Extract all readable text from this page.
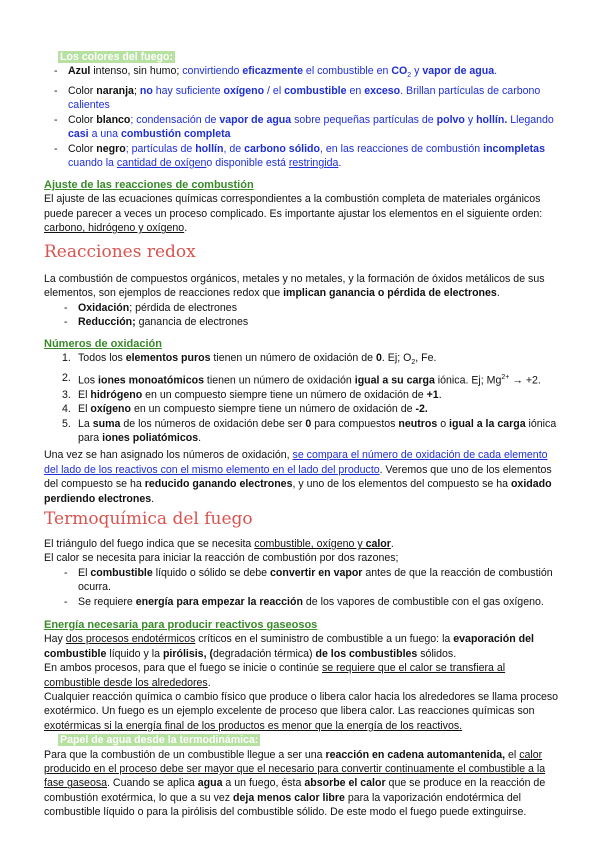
Los colores del fuego:

- Azul intenso, sin humo; convirtiendo eficazmente el combustible en $CO_2$ y vapor de agua.
- Color naranja; no hay suficiente oxígeno / el combustible en exceso. Brillan partículas de carbono calientes
- Color blanco; condensación de vapor de agua sobre pequeñas partículas de polvo y hollín. Llegando casi a una combustión completa
- Color negro; partículas de hollín, de carbono sólido, en las reacciones de combustión incompletas cuando la cantidad de oxígeno disponible está restringida.

Ajuste de las reacciones de combustión

El ajuste de las ecuaciones químicas correspondientes a la combustión completa de materiales orgánicos puede parecer a veces un proceso complicado. Es importante ajustar los elementos en el siguiente orden: carbono, hidrógeno y oxígeno.

Reacciones redox

La combustión de compuestos orgánicos, metales y no metales, y la formación de óxidos metálicos de sus elementos, son ejemplos de reacciones redox que implican ganancia o pérdida de electrones.

- Oxidación; pérdida de electrones
- Reducción; ganancia de electrones

Números de oxidación

1. Todos los elementos puros tienen un número de oxidación de 0. Ej; $O_2$, Fe.
2. Los iones monoatómicos tienen un número de oxidación igual a su carga iónica. Ej; $Mg^{2+} \to +2$.
3. El hidrógeno en un compuesto siempre tiene un número de oxidación de +1.
4. El oxígeno en un compuesto siempre tiene un número de oxidación de -2.
5. La suma de los números de oxidación debe ser 0 para compuestos neutros o igual a la carga iónica para iones poliatómicos.

Una vez se han asignado los números de oxidación, se compara el número de oxidación de cada elemento del lado de los reactivos con el mismo elemento en el lado del producto. Veremos que uno de los elementos del compuesto se ha reducido ganando electrones, y uno de los elementos del compuesto se ha oxidado perdiendo electrones.

Termoquímica del fuego

El triángulo del fuego indica que se necesita combustible, oxígeno y calor.

El calor se necesita para iniciar la reacción de combustión por dos razones;

- El combustible líquido o sólido se debe convertir en vapor antes de que la reacción de combustión ocurra.
- Se requiere energía para empezar la reacción de los vapores de combustible con el gas oxígeno.

Energía necesaria para producir reactivos gaseosos

Hay dos procesos endotérmicos críticos en el suministro de combustible a un fuego: la evaporación del combustible líquido y la pirólisis, (degradación térmica) de los combustibles sólidos.

En ambos procesos, para que el fuego se inicie o continúe se requiere que el calor se transfiera al combustible desde los alrededores.

Cualquier reacción química o cambio físico que produce o libera calor hacia los alrededores se llama proceso exotérmico. Un fuego es un ejemplo excelente de proceso que libera calor. Las reacciones químicas son exotérmicas si la energía final de los productos es menor que la energía de los reactivos.

Papel de agua desde la termodinámica:

Para que la combustión de un combustible llegue a ser una reacción en cadena automantenida, el calor producido en el proceso debe ser mayor que el necesario para convertir continuamente el combustible a la fase gaseosa. Cuando se aplica agua a un fuego, ésta absorbe el calor que se produce en la reacción de combustión exotérmica, lo que a su vez deja menos calor libre para la vaporización endotérmica del combustible líquido o para la pirólisis del combustible sólido. De este modo el fuego puede extinguirse.
